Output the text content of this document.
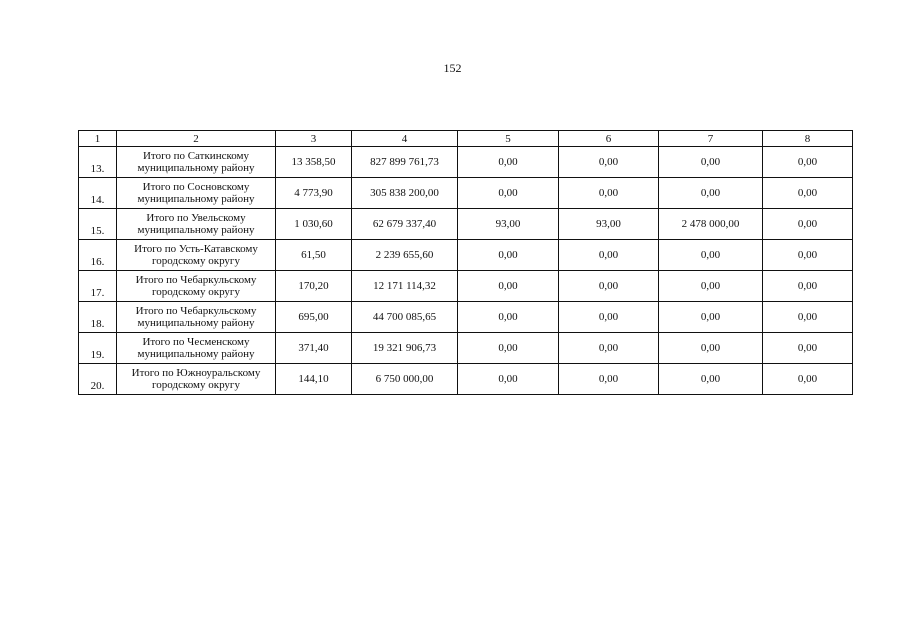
152
1	2	3	4	5	6	7	8
13.	Итого по Саткинскому муниципальному району	13 358,50	827 899 761,73	0,00	0,00	0,00	0,00
14.	Итого по Сосновскому муниципальному району	4 773,90	305 838 200,00	0,00	0,00	0,00	0,00
15.	Итого по Увельскому муниципальному району	1 030,60	62 679 337,40	93,00	93,00	2 478 000,00	0,00
16.	Итого по Усть-Катавскому городскому округу	61,50	2 239 655,60	0,00	0,00	0,00	0,00
17.	Итого по Чебаркульскому городскому округу	170,20	12 171 114,32	0,00	0,00	0,00	0,00
18.	Итого по Чебаркульскому муниципальному району	695,00	44 700 085,65	0,00	0,00	0,00	0,00
19.	Итого по Чесменскому муниципальному району	371,40	19 321 906,73	0,00	0,00	0,00	0,00
20.	Итого по Южноуральскому городскому округу	144,10	6 750 000,00	0,00	0,00	0,00	0,00
